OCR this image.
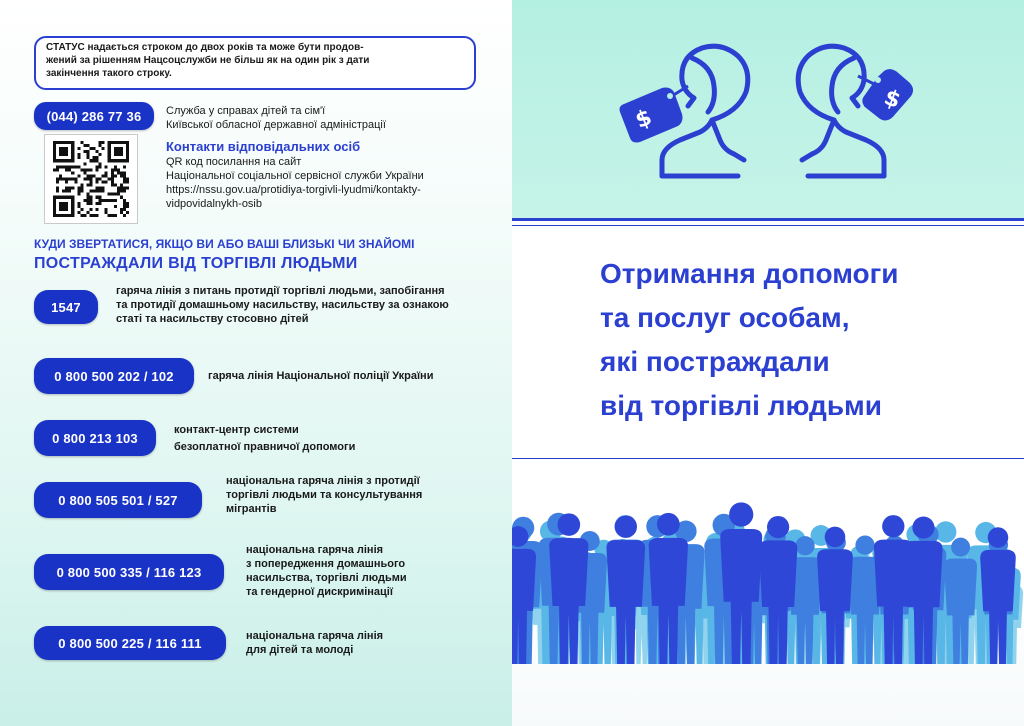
СТАТУС надається строком до двох років та може бути продов-
жений за рішенням Нацсоцслужби не більш як на один рік з дати
закінчення такого строку.
(044) 286 77 36	Служба у справах дітей та сім'ї
Київської обласної державної адміністрації
Контакти відповідальних осіб
QR код посилання на сайт
Національної соціальної сервісної служби України
https://nssu.gov.ua/protidiya-torgivli-lyudmi/kontakty-
vidpovidalnykh-osib
КУДИ ЗВЕРТАТИСЯ, ЯКЩО ВИ АБО ВАШІ БЛИЗЬКІ ЧИ ЗНАЙОМІ
ПОСТРАЖДАЛИ ВІД ТОРГІВЛІ ЛЮДЬМИ
1547
гаряча лінія з питань протидії торгівлі людьми, запобігання
та протидії домашньому насильству, насильству за ознакою
статі та насильству стосовно дітей
0 800 500 202 / 102	гаряча лінія Національної поліції України
0 800 213 103
контакт-центр системи
безоплатної правничої допомоги
0 800 505 501 / 527
національна гаряча лінія з протидії
торгівлі людьми та консультування
мігрантів
0 800 500 335 / 116 123
національна гаряча лінія
з попередження домашнього
насильства, торгівлі людьми
та гендерної дискримінації
0 800 500 225 / 116 111	національна гаряча лінія
для дітей та молоді
$
$
Отримання допомоги
та послуг особам,
які постраждали
від торгівлі людьми
